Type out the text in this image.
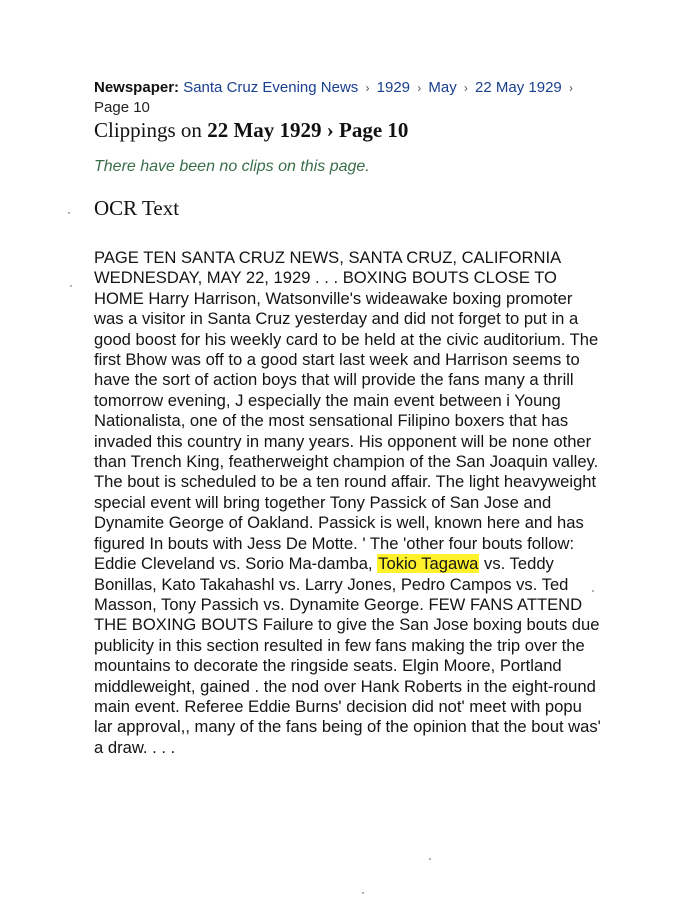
Newspaper: Santa Cruz Evening News › 1929 › May › 22 May 1929 ›
Page 10
Clippings on 22 May 1929 › Page 10
There have been no clips on this page.
OCR Text
PAGE TEN SANTA CRUZ NEWS, SANTA CRUZ, CALIFORNIA WEDNESDAY, MAY 22, 1929 . . . BOXING BOUTS CLOSE TO HOME Harry Harrison, Watsonville's wideawake boxing promoter was a visitor in Santa Cruz yesterday and did not forget to put in a good boost for his weekly card to be held at the civic auditorium. The first Bhow was off to a good start last week and Harrison seems to have the sort of action boys that will provide the fans many a thrill tomorrow evening, J especially the main event between i Young Nationalista, one of the most sensational Filipino boxers that has invaded this country in many years. His opponent will be none other than Trench King, featherweight champion of the San Joaquin valley. The bout is scheduled to be a ten round affair. The light heavyweight special event will bring together Tony Passick of San Jose and Dynamite George of Oakland. Passick is well, known here and has figured In bouts with Jess De Motte. ' The 'other four bouts follow: Eddie Cleveland vs. Sorio Ma-damba, Tokio Tagawa vs. Teddy Bonillas, Kato Takahashl vs. Larry Jones, Pedro Campos vs. Ted Masson, Tony Passich vs. Dynamite George. FEW FANS ATTEND THE BOXING BOUTS Failure to give the San Jose boxing bouts due publicity in this section resulted in few fans making the trip over the mountains to decorate the ringside seats. Elgin Moore, Portland middleweight, gained . the nod over Hank Roberts in the eight-round main event. Referee Eddie Burns' decision did not' meet with popu lar approval,, many of the fans being of the opinion that the bout was' a draw. . . .
